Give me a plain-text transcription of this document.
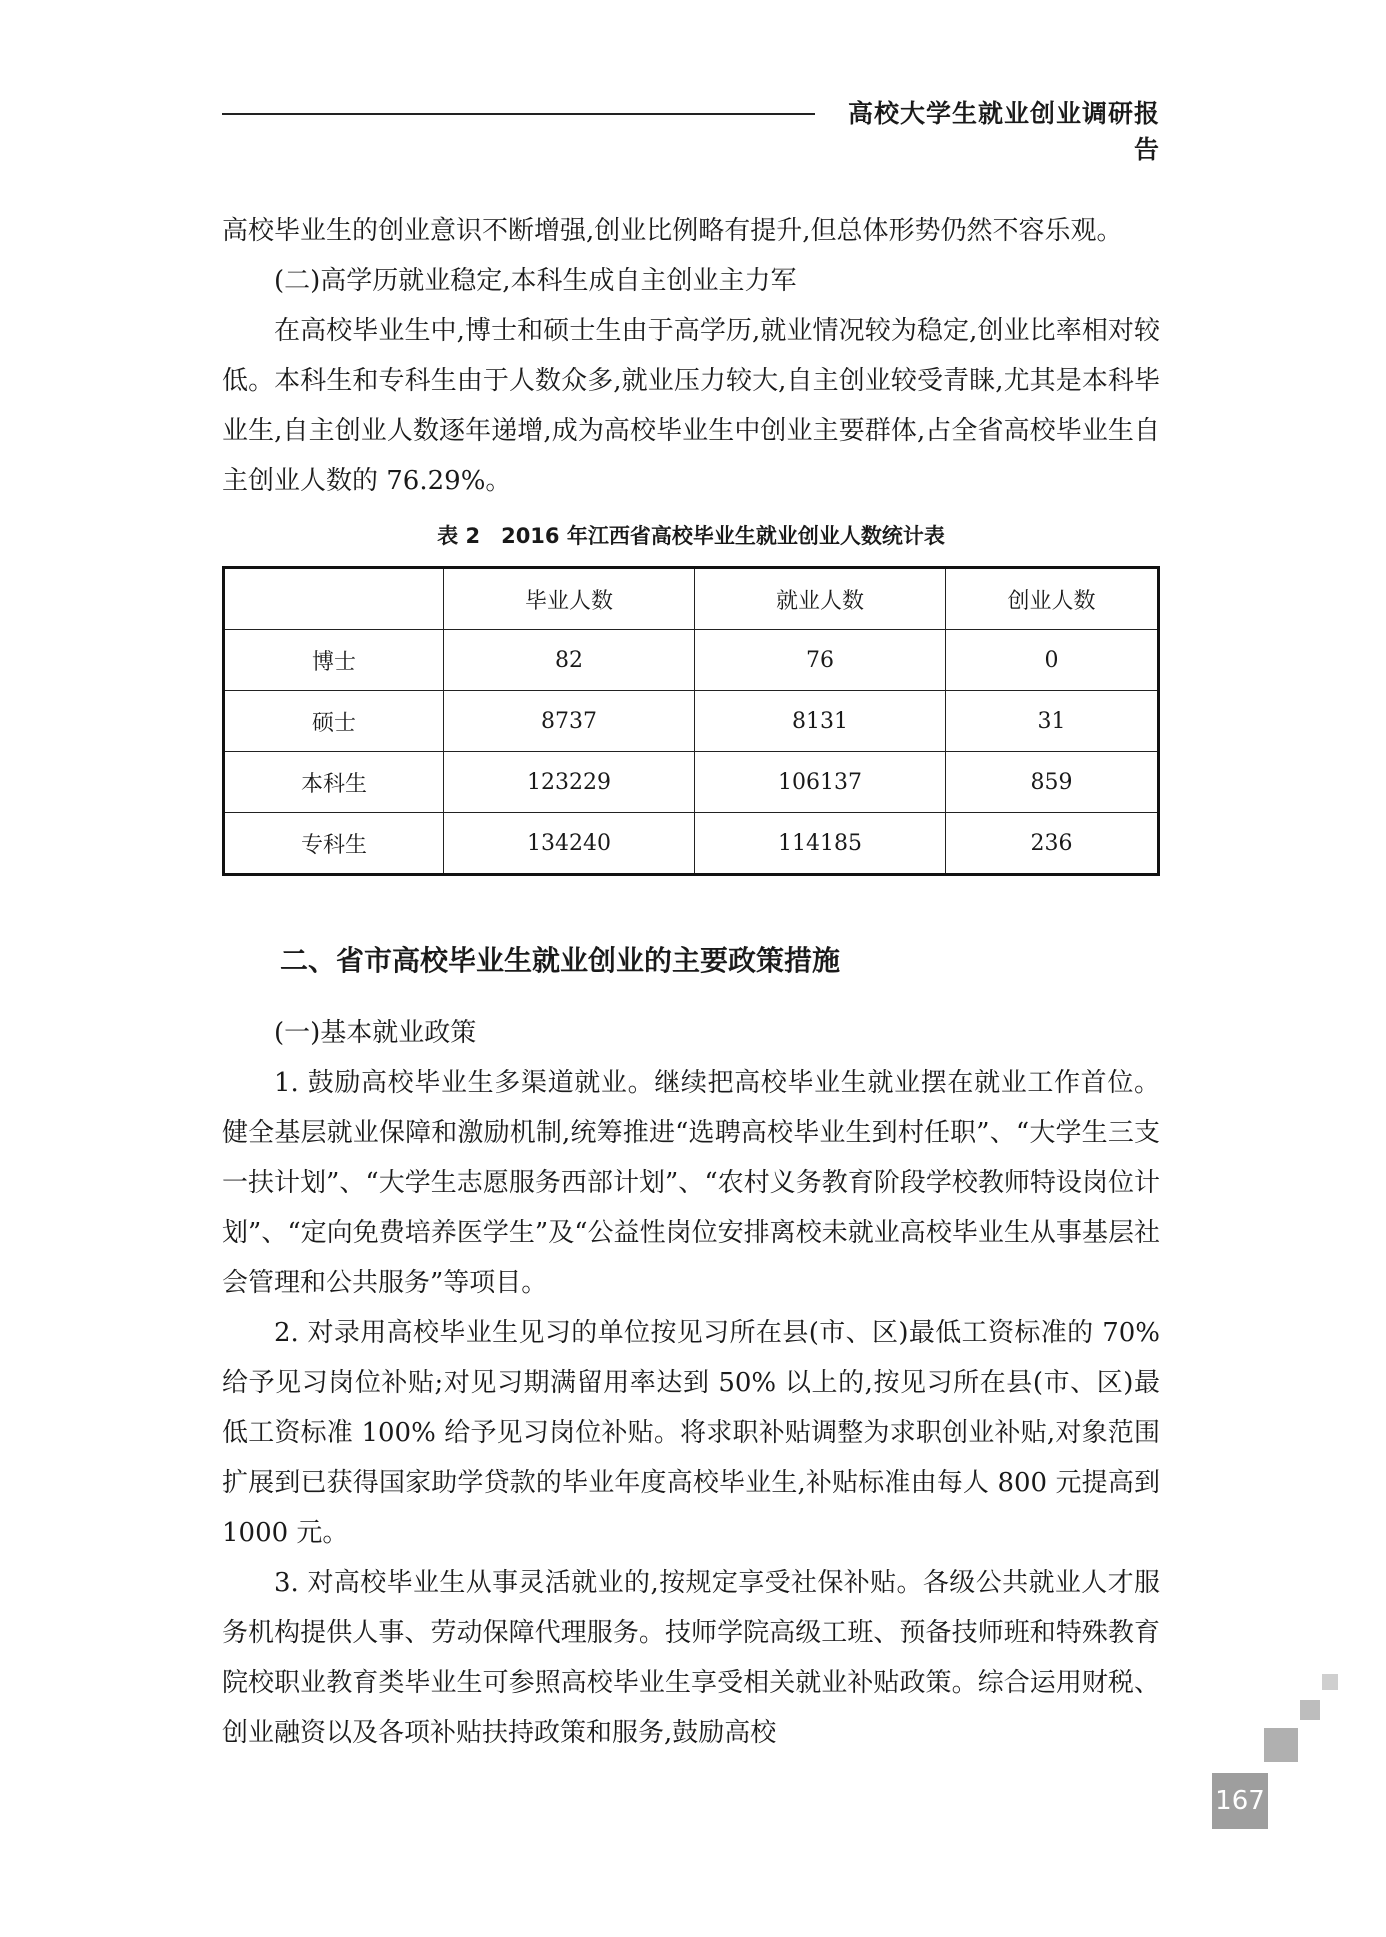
高校大学生就业创业调研报告

高校毕业生的创业意识不断增强,创业比例略有提升,但总体形势仍然不容乐观。

(二)高学历就业稳定,本科生成自主创业主力军

在高校毕业生中,博士和硕士生由于高学历,就业情况较为稳定,创业比率相对较低。本科生和专科生由于人数众多,就业压力较大,自主创业较受青睐,尤其是本科毕业生,自主创业人数逐年递增,成为高校毕业生中创业主要群体,占全省高校毕业生自主创业人数的 76.29%。

表 2　2016 年江西省高校毕业生就业创业人数统计表
	毕业人数	就业人数	创业人数
博士	82	76	0
硕士	8737	8131	31
本科生	123229	106137	859
专科生	134240	114185	236
二、省市高校毕业生就业创业的主要政策措施

(一)基本就业政策

1. 鼓励高校毕业生多渠道就业。继续把高校毕业生就业摆在就业工作首位。健全基层就业保障和激励机制,统筹推进“选聘高校毕业生到村任职”、“大学生三支一扶计划”、“大学生志愿服务西部计划”、“农村义务教育阶段学校教师特设岗位计划”、“定向免费培养医学生”及“公益性岗位安排离校未就业高校毕业生从事基层社会管理和公共服务”等项目。

2. 对录用高校毕业生见习的单位按见习所在县(市、区)最低工资标准的 70% 给予见习岗位补贴;对见习期满留用率达到 50% 以上的,按见习所在县(市、区)最低工资标准 100% 给予见习岗位补贴。将求职补贴调整为求职创业补贴,对象范围扩展到已获得国家助学贷款的毕业年度高校毕业生,补贴标准由每人 800 元提高到 1000 元。

3. 对高校毕业生从事灵活就业的,按规定享受社保补贴。各级公共就业人才服务机构提供人事、劳动保障代理服务。技师学院高级工班、预备技师班和特殊教育院校职业教育类毕业生可参照高校毕业生享受相关就业补贴政策。综合运用财税、创业融资以及各项补贴扶持政策和服务,鼓励高校

167
